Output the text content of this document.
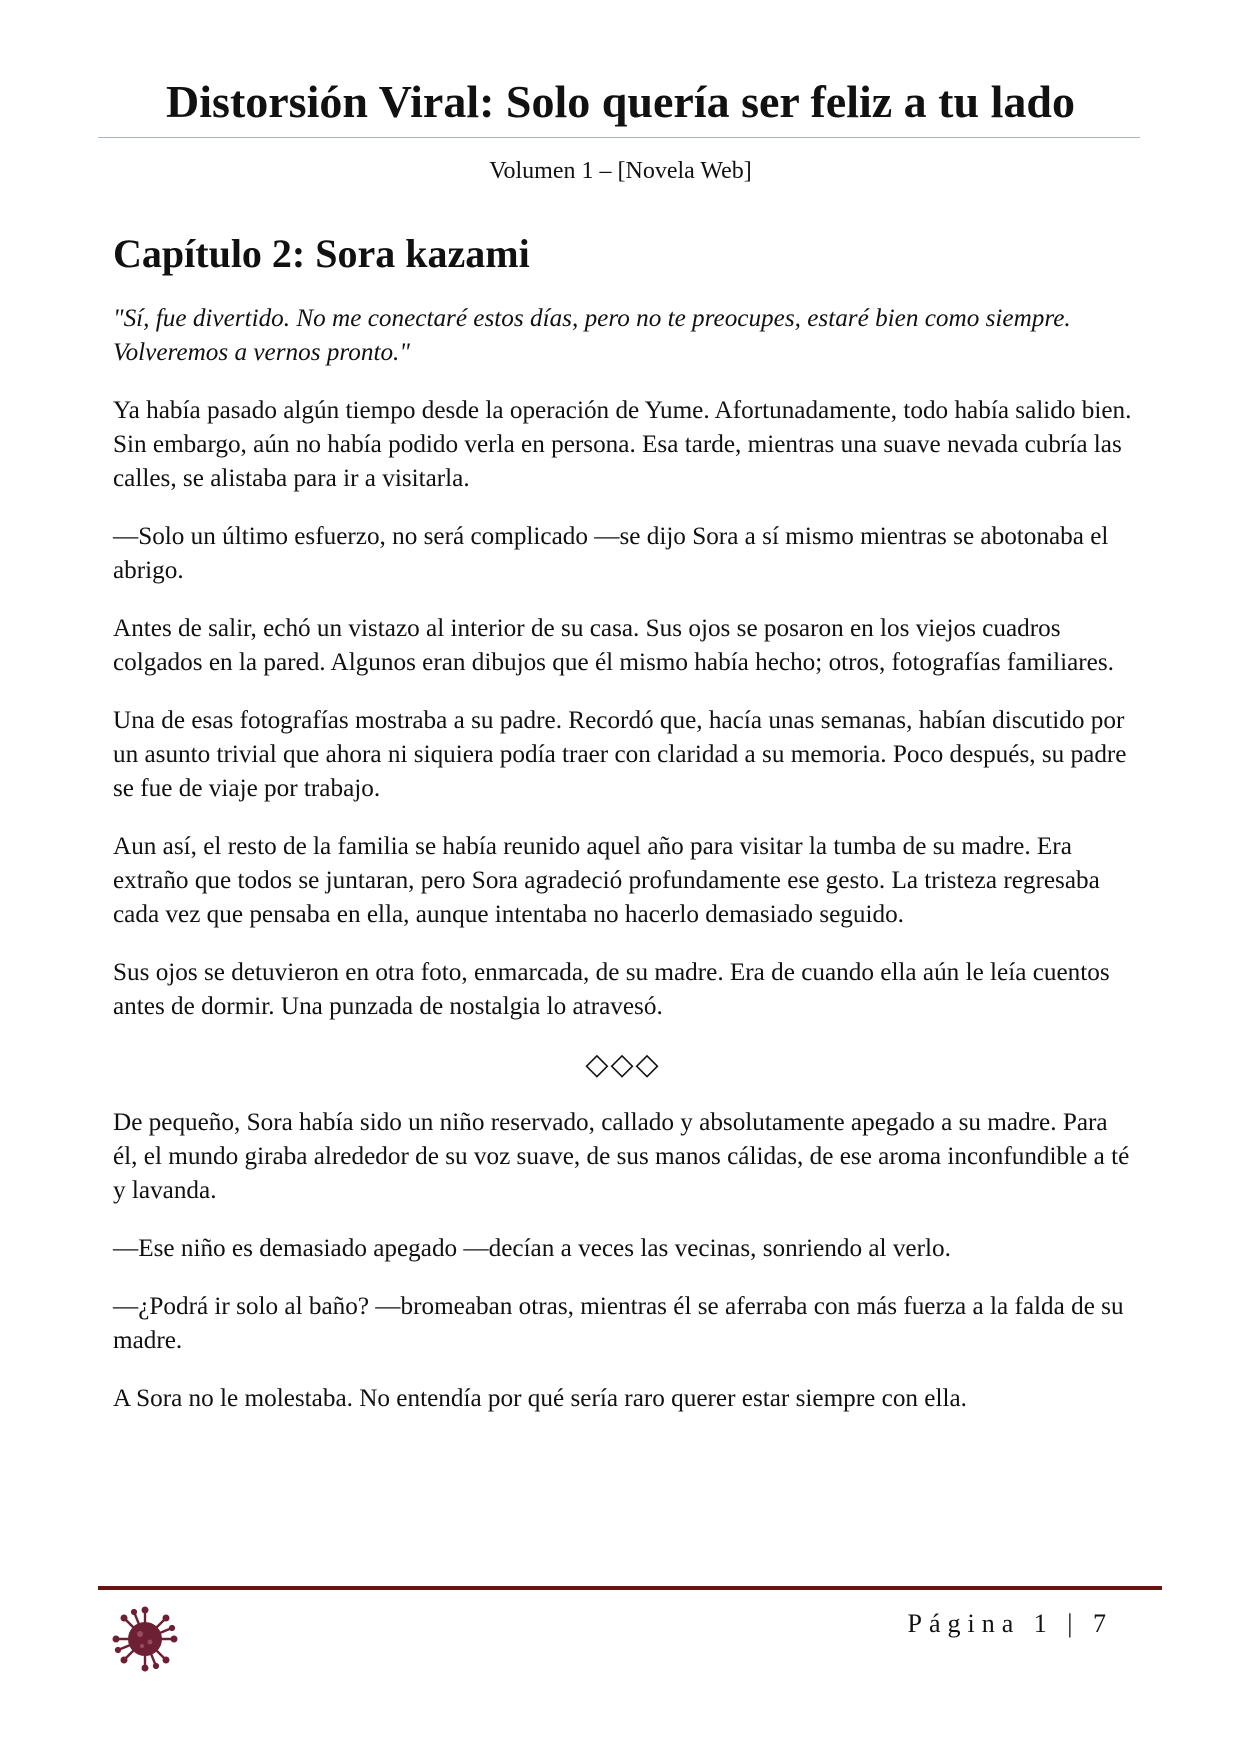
Distorsión Viral: Solo quería ser feliz a tu lado
Volumen 1 – [Novela Web]
Capítulo 2: Sora kazami

"Sí, fue divertido. No me conectaré estos días, pero no te preocupes, estaré bien como siempre. Volveremos a vernos pronto."

Ya había pasado algún tiempo desde la operación de Yume. Afortunadamente, todo había salido bien. Sin embargo, aún no había podido verla en persona. Esa tarde, mientras una suave nevada cubría las calles, se alistaba para ir a visitarla.

—Solo un último esfuerzo, no será complicado —se dijo Sora a sí mismo mientras se abotonaba el abrigo.

Antes de salir, echó un vistazo al interior de su casa. Sus ojos se posaron en los viejos cuadros colgados en la pared. Algunos eran dibujos que él mismo había hecho; otros, fotografías familiares.

Una de esas fotografías mostraba a su padre. Recordó que, hacía unas semanas, habían discutido por un asunto trivial que ahora ni siquiera podía traer con claridad a su memoria. Poco después, su padre se fue de viaje por trabajo.

Aun así, el resto de la familia se había reunido aquel año para visitar la tumba de su madre. Era extraño que todos se juntaran, pero Sora agradeció profundamente ese gesto. La tristeza regresaba cada vez que pensaba en ella, aunque intentaba no hacerlo demasiado seguido.

Sus ojos se detuvieron en otra foto, enmarcada, de su madre. Era de cuando ella aún le leía cuentos antes de dormir. Una punzada de nostalgia lo atravesó.

◇◇◇

De pequeño, Sora había sido un niño reservado, callado y absolutamente apegado a su madre. Para él, el mundo giraba alrededor de su voz suave, de sus manos cálidas, de ese aroma inconfundible a té y lavanda.

—Ese niño es demasiado apegado —decían a veces las vecinas, sonriendo al verlo.

—¿Podrá ir solo al baño? —bromeaban otras, mientras él se aferraba con más fuerza a la falda de su madre.

A Sora no le molestaba. No entendía por qué sería raro querer estar siempre con ella.

Página 1 | 7
